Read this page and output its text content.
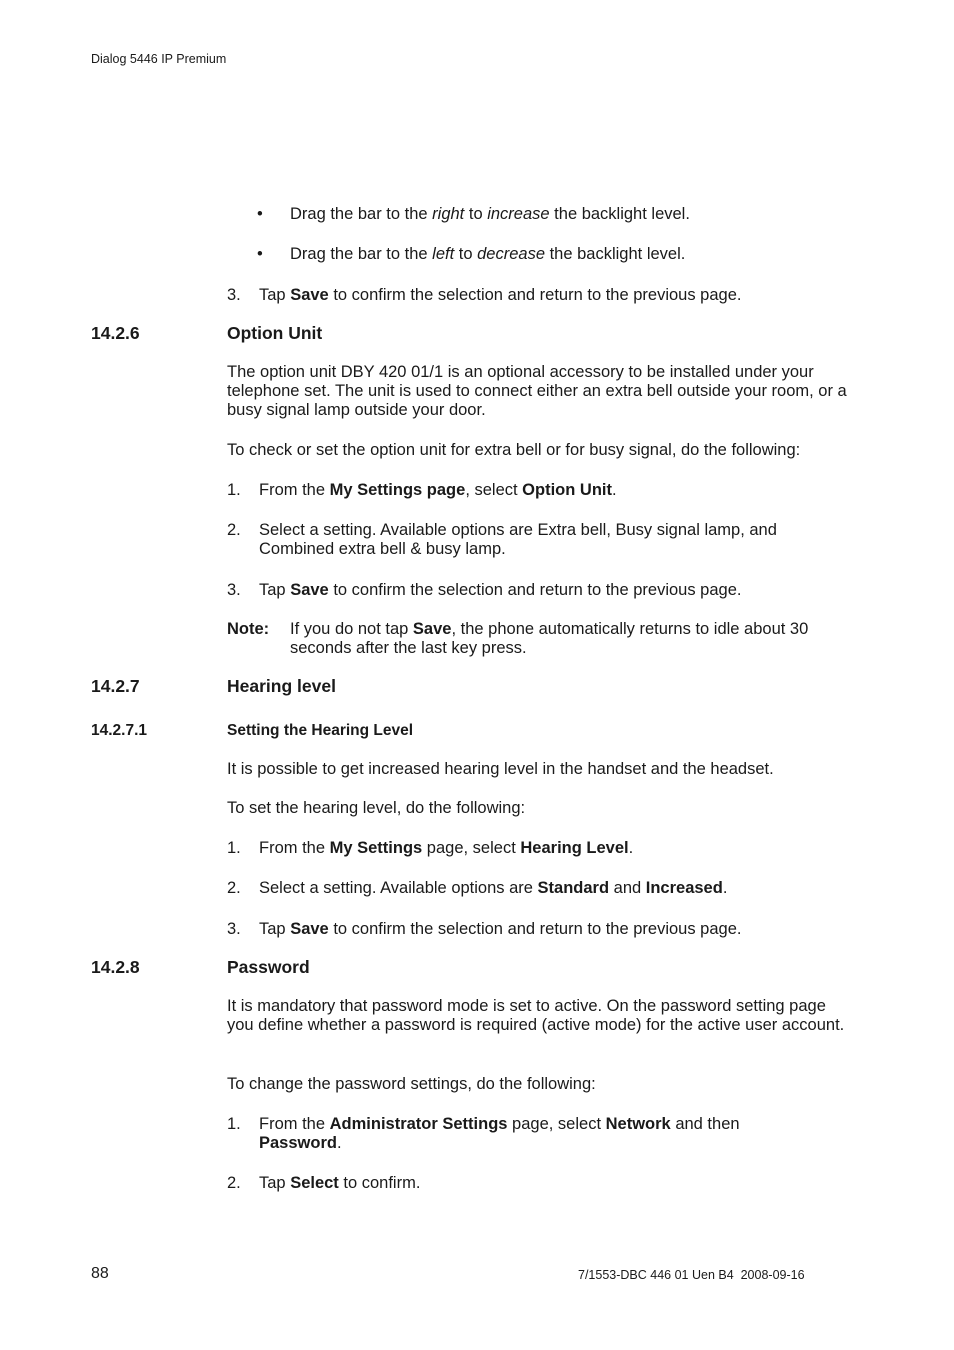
Dialog 5446 IP Premium
• Drag the bar to the right to increase the backlight level.
• Drag the bar to the left to decrease the backlight level.
3. Tap Save to confirm the selection and return to the previous page.
14.2.6	Option Unit
The option unit DBY 420 01/1 is an optional accessory to be installed under your telephone set. The unit is used to connect either an extra bell outside your room, or a busy signal lamp outside your door.
To check or set the option unit for extra bell or for busy signal, do the following:
1. From the My Settings page, select Option Unit.
2. Select a setting. Available options are Extra bell, Busy signal lamp, and Combined extra bell & busy lamp.
3. Tap Save to confirm the selection and return to the previous page.
Note: If you do not tap Save, the phone automatically returns to idle about 30 seconds after the last key press.
14.2.7	Hearing level
14.2.7.1	Setting the Hearing Level
It is possible to get increased hearing level in the handset and the headset.
To set the hearing level, do the following:
1. From the My Settings page, select Hearing Level.
2. Select a setting. Available options are Standard and Increased.
3. Tap Save to confirm the selection and return to the previous page.
14.2.8	Password
It is mandatory that password mode is set to active. On the password setting page you define whether a password is required (active mode) for the active user account.
To change the password settings, do the following:
1. From the Administrator Settings page, select Network and then
Password.
2. Tap Select to confirm.
88	7/1553-DBC 446 01 Uen B4  2008-09-16
